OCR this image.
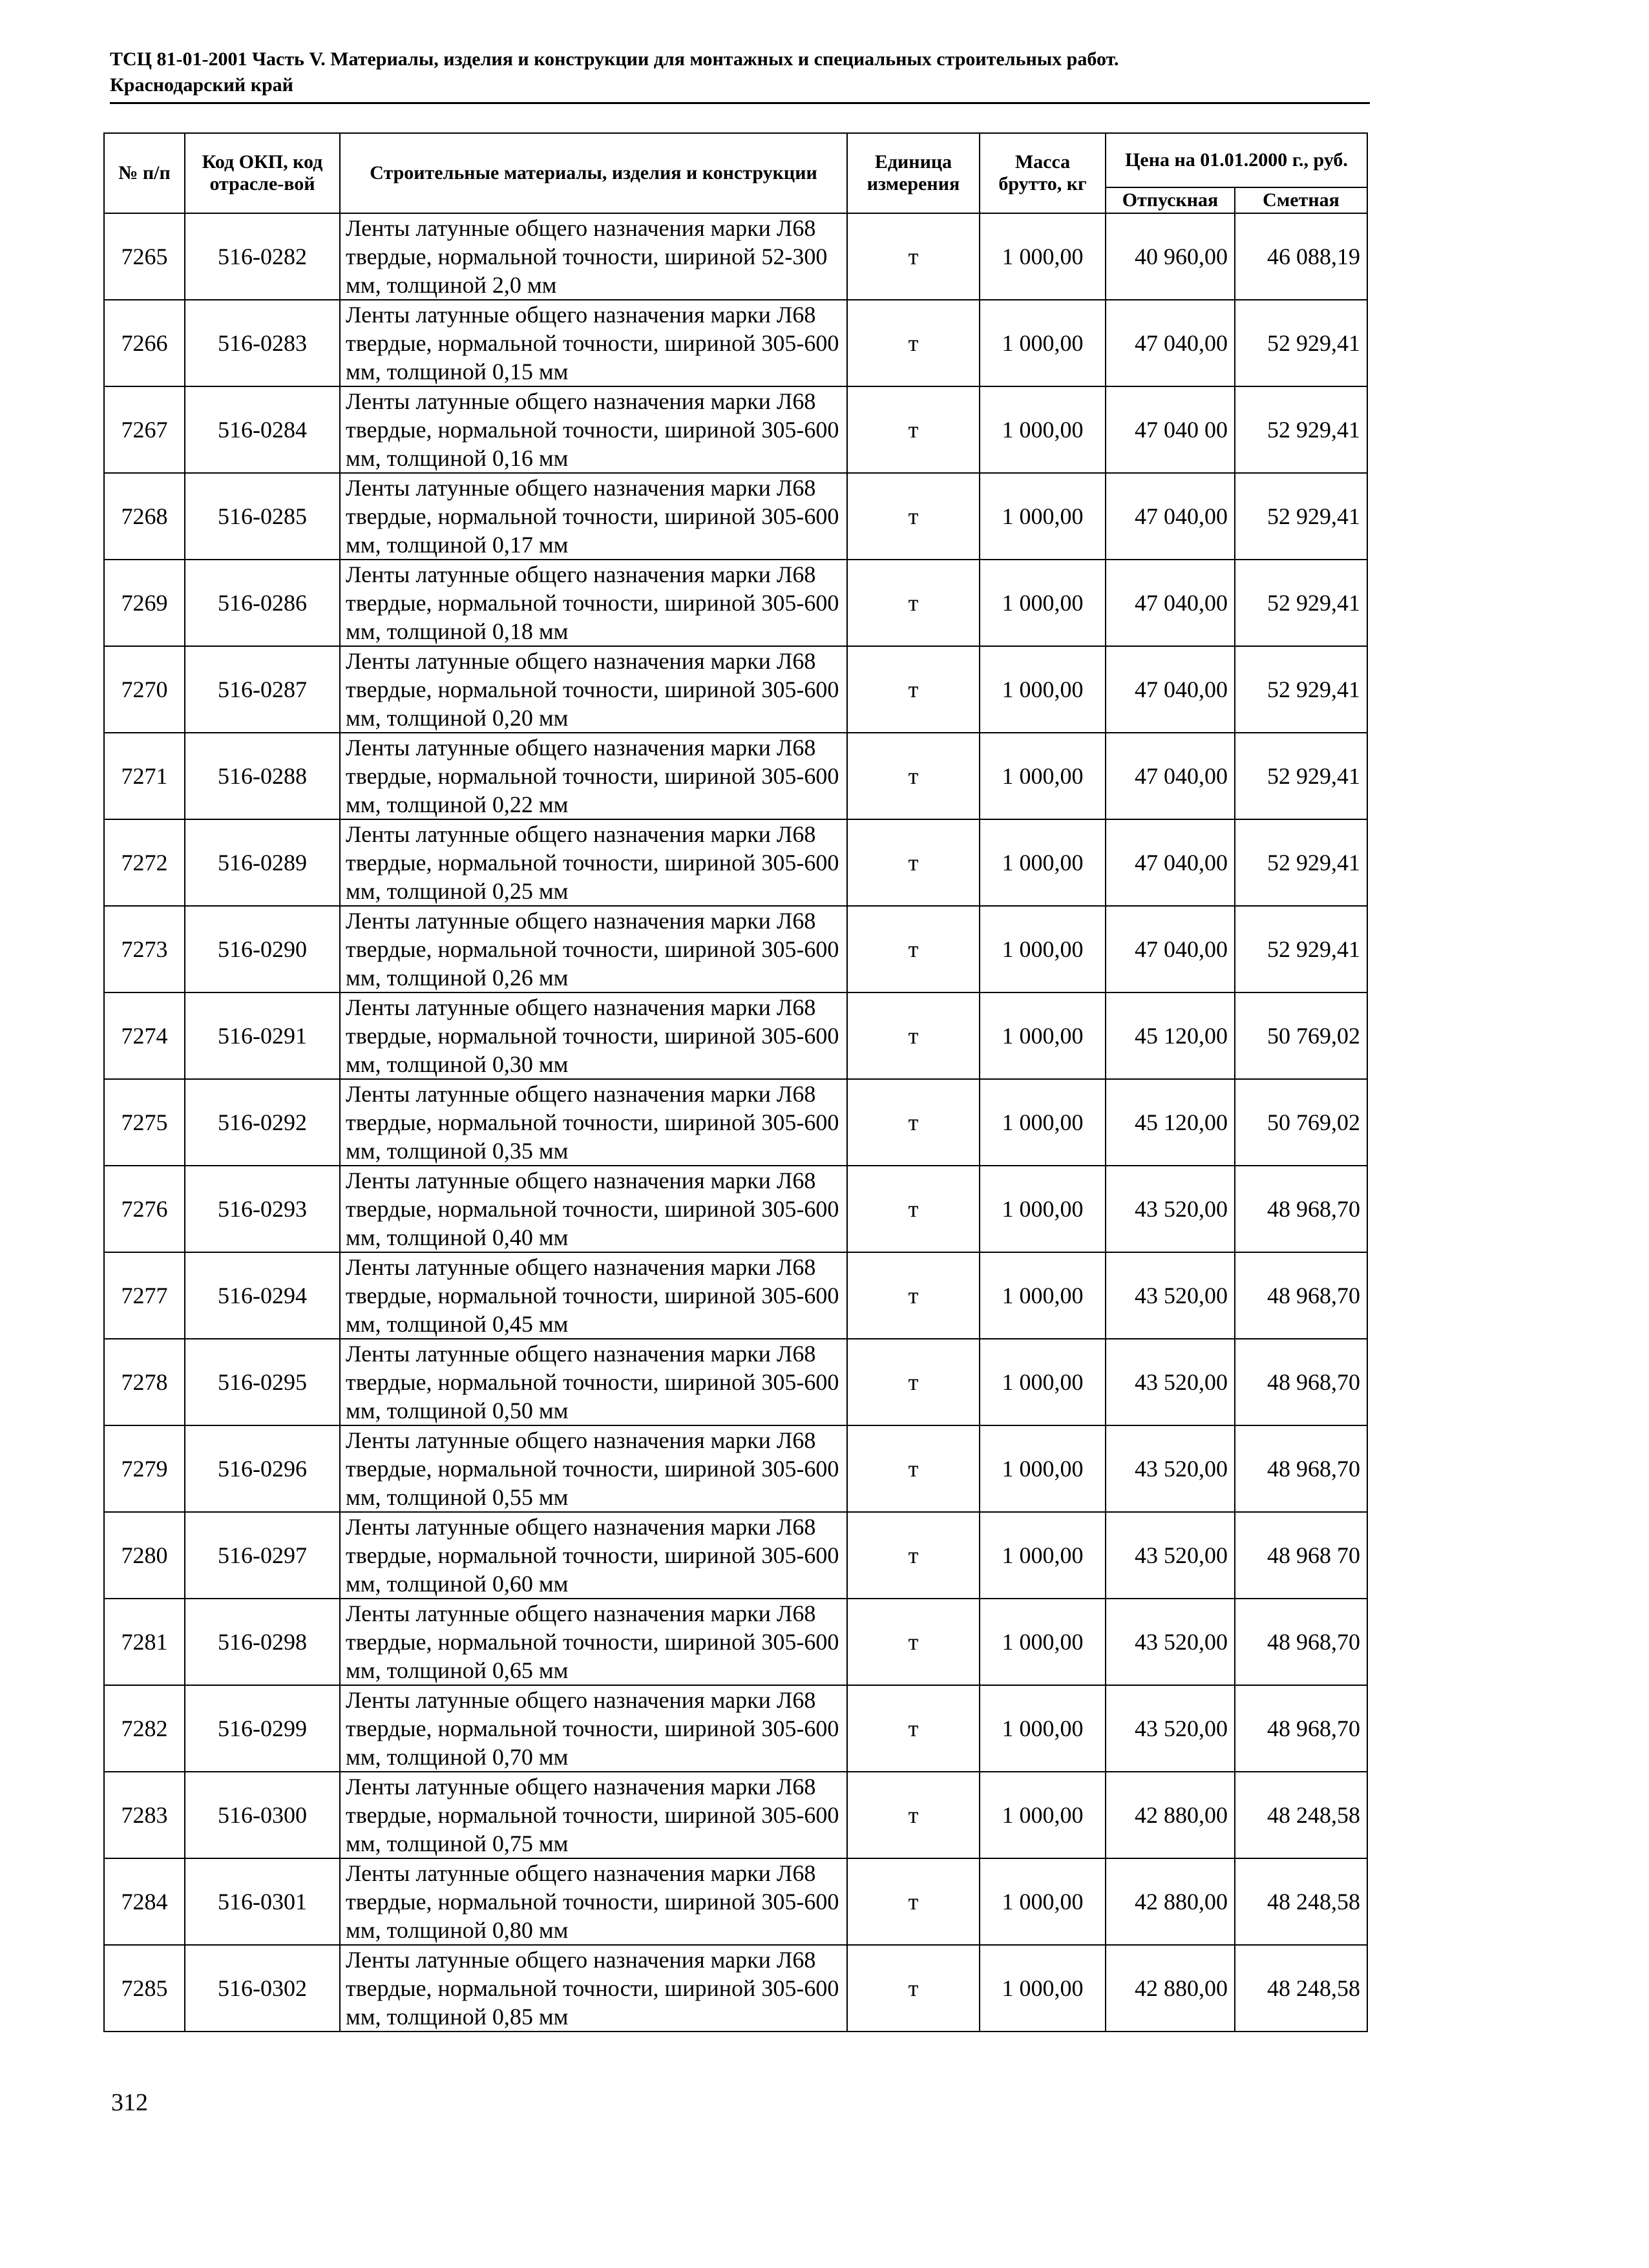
ТСЦ 81-01-2001 Часть V. Материалы, изделия и конструкции для монтажных и специальных строительных работ.
Краснодарский край
№ п/п	Код ОКП, код отрасле-вой	Строительные материалы, изделия и конструкции	Единица измерения	Масса брутто, кг	Цена на 01.01.2000 г., руб.	
					Отпускная	Сметная
7265	516-0282	Ленты латунные общего назначения марки Л68 твердые, нормальной точности, шириной 52-300 мм, толщиной 2,0 мм	т	1 000,00	40 960,00	46 088,19
7266	516-0283	Ленты латунные общего назначения марки Л68 твердые, нормальной точности, шириной 305-600 мм, толщиной 0,15 мм	т	1 000,00	47 040,00	52 929,41
7267	516-0284	Ленты латунные общего назначения марки Л68 твердые, нормальной точности, шириной 305-600 мм, толщиной 0,16 мм	т	1 000,00	47 040 00	52 929,41
7268	516-0285	Ленты латунные общего назначения марки Л68 твердые, нормальной точности, шириной 305-600 мм, толщиной 0,17 мм	т	1 000,00	47 040,00	52 929,41
7269	516-0286	Ленты латунные общего назначения марки Л68 твердые, нормальной точности, шириной 305-600 мм, толщиной 0,18 мм	т	1 000,00	47 040,00	52 929,41
7270	516-0287	Ленты латунные общего назначения марки Л68 твердые, нормальной точности, шириной 305-600 мм, толщиной 0,20 мм	т	1 000,00	47 040,00	52 929,41
7271	516-0288	Ленты латунные общего назначения марки Л68 твердые, нормальной точности, шириной 305-600 мм, толщиной 0,22 мм	т	1 000,00	47 040,00	52 929,41
7272	516-0289	Ленты латунные общего назначения марки Л68 твердые, нормальной точности, шириной 305-600 мм, толщиной 0,25 мм	т	1 000,00	47 040,00	52 929,41
7273	516-0290	Ленты латунные общего назначения марки Л68 твердые, нормальной точности, шириной 305-600 мм, толщиной 0,26 мм	т	1 000,00	47 040,00	52 929,41
7274	516-0291	Ленты латунные общего назначения марки Л68 твердые, нормальной точности, шириной 305-600 мм, толщиной 0,30 мм	т	1 000,00	45 120,00	50 769,02
7275	516-0292	Ленты латунные общего назначения марки Л68 твердые, нормальной точности, шириной 305-600 мм, толщиной 0,35 мм	т	1 000,00	45 120,00	50 769,02
7276	516-0293	Ленты латунные общего назначения марки Л68 твердые, нормальной точности, шириной 305-600 мм, толщиной 0,40 мм	т	1 000,00	43 520,00	48 968,70
7277	516-0294	Ленты латунные общего назначения марки Л68 твердые, нормальной точности, шириной 305-600 мм, толщиной 0,45 мм	т	1 000,00	43 520,00	48 968,70
7278	516-0295	Ленты латунные общего назначения марки Л68 твердые, нормальной точности, шириной 305-600 мм, толщиной 0,50 мм	т	1 000,00	43 520,00	48 968,70
7279	516-0296	Ленты латунные общего назначения марки Л68 твердые, нормальной точности, шириной 305-600 мм, толщиной 0,55 мм	т	1 000,00	43 520,00	48 968,70
7280	516-0297	Ленты латунные общего назначения марки Л68 твердые, нормальной точности, шириной 305-600 мм, толщиной 0,60 мм	т	1 000,00	43 520,00	48 968 70
7281	516-0298	Ленты латунные общего назначения марки Л68 твердые, нормальной точности, шириной 305-600 мм, толщиной 0,65 мм	т	1 000,00	43 520,00	48 968,70
7282	516-0299	Ленты латунные общего назначения марки Л68 твердые, нормальной точности, шириной 305-600 мм, толщиной 0,70 мм	т	1 000,00	43 520,00	48 968,70
7283	516-0300	Ленты латунные общего назначения марки Л68 твердые, нормальной точности, шириной 305-600 мм, толщиной 0,75 мм	т	1 000,00	42 880,00	48 248,58
7284	516-0301	Ленты латунные общего назначения марки Л68 твердые, нормальной точности, шириной 305-600 мм, толщиной 0,80 мм	т	1 000,00	42 880,00	48 248,58
7285	516-0302	Ленты латунные общего назначения марки Л68 твердые, нормальной точности, шириной 305-600 мм, толщиной 0,85 мм	т	1 000,00	42 880,00	48 248,58
312
